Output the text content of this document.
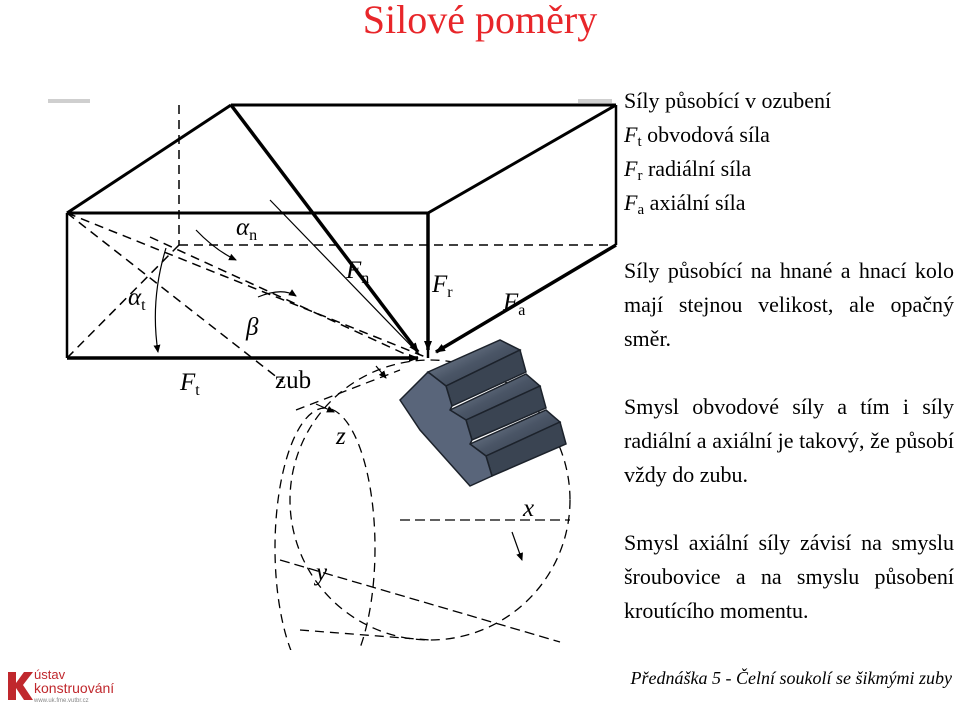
Silové poměry
$\alpha_n$
$\alpha_t$
β
$F_n$	$F_r$ $F_a$
$F_t$	zub
z
x
y

Síly působící v ozubení

$F_t$ obvodová síla

$F_r$ radiální síla

$F_a$ axiální síla

Síly působící na hnané a hnací kolo mají stejnou velikost, ale opačný směr.

Smysl obvodové síly a tím i síly radiální a axiální je takový, že působí vždy do zubu.

Smysl axiální síly závisí na smyslu šroubovice a na smyslu působení kroutícího momentu.

ústav
konstruování
www.uk.fme.vutbr.cz
Přednáška 5 - Čelní soukolí se šikmými zuby
